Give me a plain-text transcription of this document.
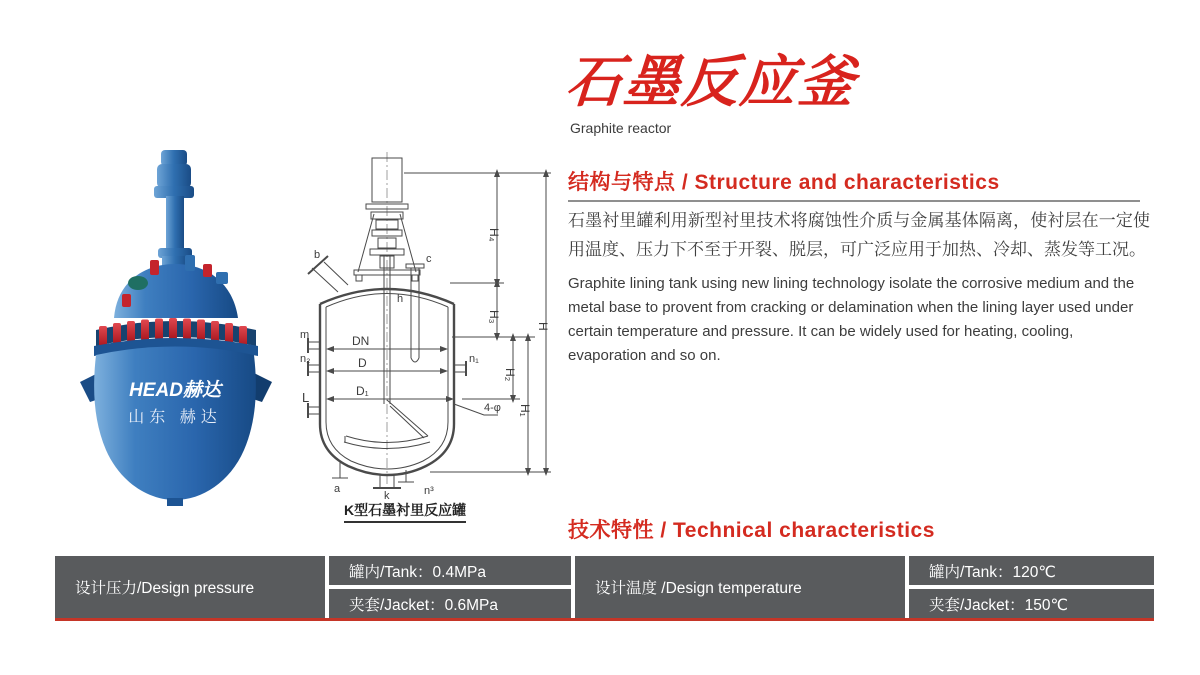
HEAD赫达
山东 赫达
b	c
h
m
n₂	n₁
L
a
k	n³
4-φ
DN
D
D₁
H₄
H₃
H₂
H₁
H
K型石墨衬里反应罐
石墨反应釜
Graphite reactor
结构与特点 / Structure and characteristics
石墨衬里罐利用新型衬里技术将腐蚀性介质与金属基体隔离，使衬层在一定使用温度、压力下不至于开裂、脱层，可广泛应用于加热、冷却、蒸发等工况。
Graphite lining tank using new lining technology isolate the corrosive medium and the metal base to provent from cracking or delamination when the lining layer used under certain temperature and pressure. It can be widely used for heating, cooling, evaporation and so on.
技术特性 / Technical characteristics
设计压力/Design pressure
罐内/Tank：0.4MPa
夹套/Jacket：0.6MPa
设计温度 /Design temperature
罐内/Tank：120℃
夹套/Jacket：150℃
